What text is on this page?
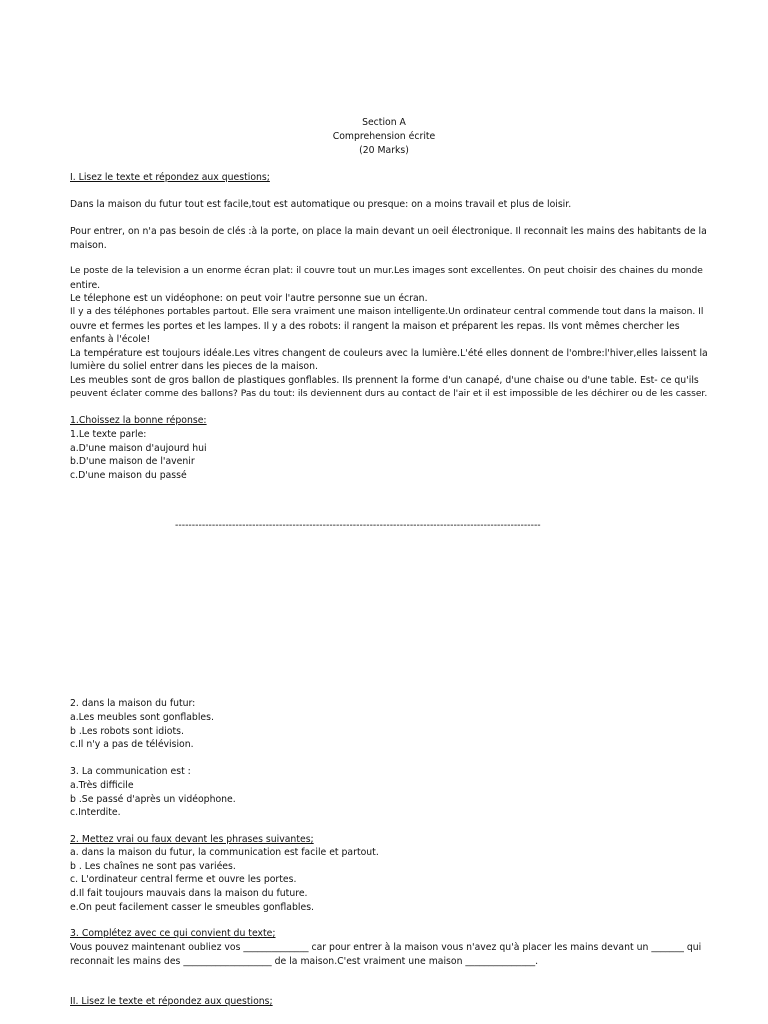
Section A
Comprehension écrite
(20 Marks)
I. Lisez le texte et répondez aux questions;
Dans la maison du futur tout est facile,tout est automatique ou presque: on a moins travail et plus de loisir.
Pour entrer, on n'a pas besoin de clés :à la porte, on place la main devant un oeil électronique. Il reconnait les mains des habitants de la
maison.
Le poste de la television a un enorme écran plat: il couvre tout un mur.Les images sont excellentes. On peut choisir des chaines du monde
entire.
Le télephone est un vidéophone: on peut voir l'autre personne sue un écran.
Il y a des téléphones portables partout. Elle sera vraiment une maison intelligente.Un ordinateur central commende tout dans la maison. Il
ouvre et fermes les portes et les lampes. Il y a des robots: il rangent la maison et préparent les repas. Ils vont mêmes chercher les
enfants à l'école!
La température est toujours idéale.Les vitres changent de couleurs avec la lumière.L'été elles donnent de l'ombre:l'hiver,elles laissent la
lumière du soliel entrer dans les pieces de la maison.
Les meubles sont de gros ballon de plastiques gonflables. Ils prennent la forme d'un canapé, d'une chaise ou d'une table. Est- ce qu'ils
peuvent éclater comme des ballons? Pas du tout: ils deviennent durs au contact de l'air et il est impossible de les déchirer ou de les casser.
1.Choissez la bonne réponse:
1.Le texte parle:
a.D'une maison d'aujourd hui
b.D'une maison de l'avenir
c.D'une maison du passé
-------------------------------------------------------------------------------------------------------------
2. dans la maison du futur:
a.Les meubles sont gonflables.
b .Les robots sont idiots.
c.Il n'y a pas de télévision.
3. La communication est :
a.Très difficile
b .Se passé d'après un vidéophone.
c.Interdite.
2. Mettez vrai ou faux devant les phrases suivantes;
a. dans la maison du futur, la communication est facile et partout.
b . Les chaînes ne sont pas variées.
c. L'ordinateur central ferme et ouvre les portes.
d.Il fait toujours mauvais dans la maison du future.
e.On peut facilement casser le smeubles gonflables.
3. Complétez avec ce qui convient du texte;
Vous pouvez maintenant oubliez vos ______________ car pour entrer à la maison vous n'avez qu'à placer les mains devant un _______ qui
reconnait les mains des ___________________ de la maison.C'est vraiment une maison _______________.
II. Lisez le texte et répondez aux questions;
